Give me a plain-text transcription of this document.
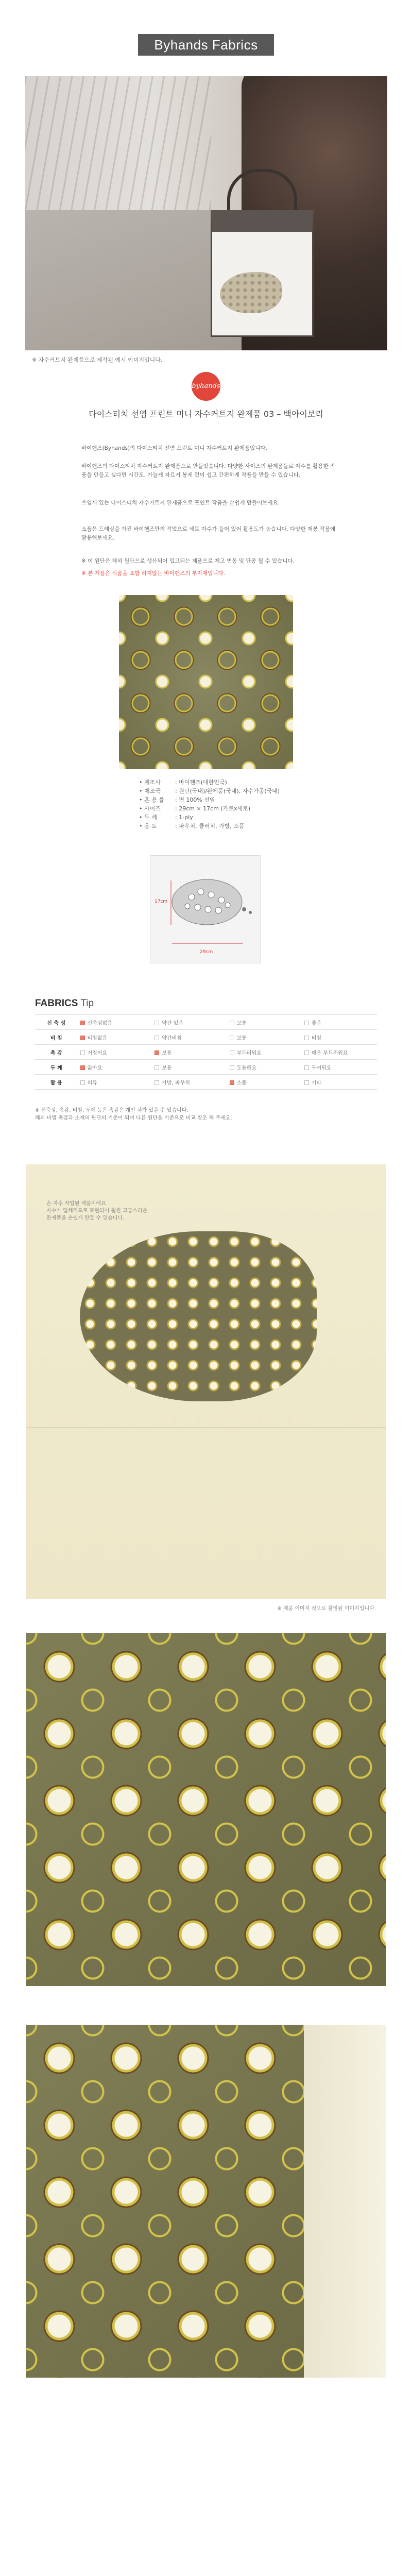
Byhands Fabrics
※ 자수커트지 완제품으로 제작된 예시 이미지입니다.
byhands
다이스티치 선염 프린트 미니 자수커트지 완제품 03 – 백아이보리
바이핸즈(Byhands)의 다이스티치 선염 프린트 미니 자수커트지 완제품입니다.
바이핸즈의 다이스티치 자수커트지 완제품으로 만들었습니다. 다양한 사이즈의 완제품들로 자수를 활용한 작품을 만들고 싶다면 시간도, 가늘게 자르거 봉제 없이 쉽고 간편하게 작품을 만들 수 있습니다.
쓰임새 있는 다이스티치 자수커트지 완제품으로 포인트 작품을 손쉽게 만들어보세요.
소품은 드레싱을 가진 바이핸즈만의 작업으로 세트 자수가 들어 있어 활용도가 높습니다. 다양한 재봉 작품에 활용해보세요.
※ 이 원단은 해외 원단으로 생산되어 입고되는 제품으로 재고 변동 및 단종 될 수 있습니다.
※ 본 제품은 식품을 포함 하지않는 바이핸즈의 부자재입니다.
• 제조사	: 바이핸즈(대한민국)
• 제조국	: 원단(국내)/완제품(국내), 자수가공(국내)
• 혼 용 률	: 면 100% 선염
• 사이즈	: 29cm × 17cm (가로x세로)
• 두 께	: 1-ply
• 용 도	: 파우치, 클러치, 가방, 소품
17cm
29cm
FABRICS Tip
신 축 성	신축성없음	약간 있음	보통	좋음
비 침	비침없음	약간비침	보통	비침
촉 감	거칠어요	보통	부드러워요	매우 부드러워요
두 께	얇아요	보통	도톰해요	두꺼워요
활 용	의류	가방, 파우치	소품	기타
※ 신축성, 촉감, 비침, 두께 등은 촉감은 개인 차가 있을 수 있습니다.
해외 비법 촉감과 소재의 판단의 기준이 되며 다른 원단을 기준으로 비교 참조 해 주세요.
손 자수 작업된 제품이에요.
자수가 입체적으로 표현되어 훨씬 고급스러운
완제품을 손쉽게 만들 수 있습니다.
※ 제품 이미지 컷으로 촬영된 이미지입니다.
